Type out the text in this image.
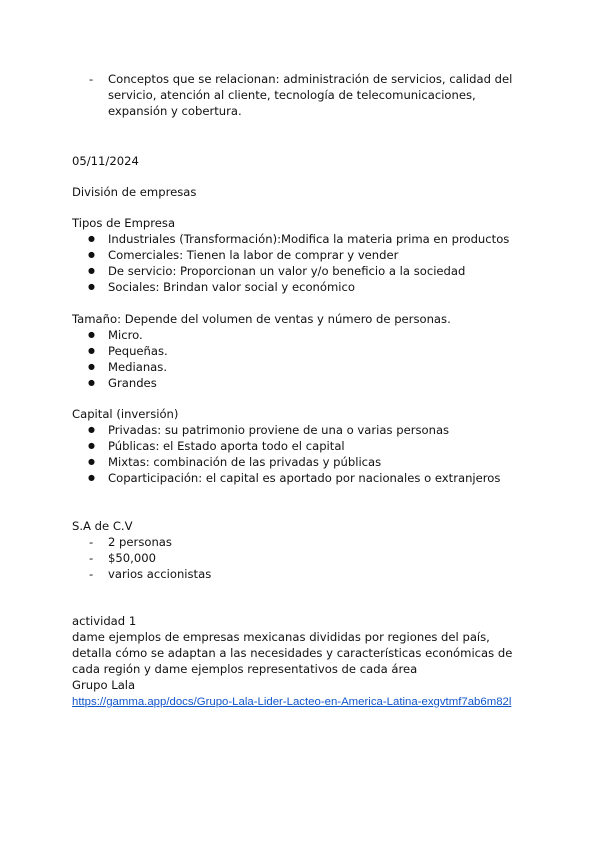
- Conceptos que se relacionan: administración de servicios, calidad del servicio, atención al cliente, tecnología de telecomunicaciones, expansión y cobertura.

05/11/2024

División de empresas

Tipos de Empresa

● Industriales (Transformación):Modifica la materia prima en productos
● Comerciales: Tienen la labor de comprar y vender
● De servicio: Proporcionan un valor y/o beneficio a la sociedad
● Sociales: Brindan valor social y económico

Tamaño: Depende del volumen de ventas y número de personas.

● Micro.
● Pequeñas.
● Medianas.
● Grandes

Capital (inversión)

● Privadas: su patrimonio proviene de una o varias personas
● Públicas: el Estado aporta todo el capital
● Mixtas: combinación de las privadas y públicas
● Coparticipación: el capital es aportado por nacionales o extranjeros

S.A de C.V

- 2 personas
- $50,000
- varios accionistas

actividad 1

dame ejemplos de empresas mexicanas divididas por regiones del país, detalla cómo se adaptan a las necesidades y características económicas de cada región y dame ejemplos representativos de cada área

Grupo Lala

https://gamma.app/docs/Grupo-Lala-Lider-Lacteo-en-America-Latina-exgvtmf7ab6m82l
